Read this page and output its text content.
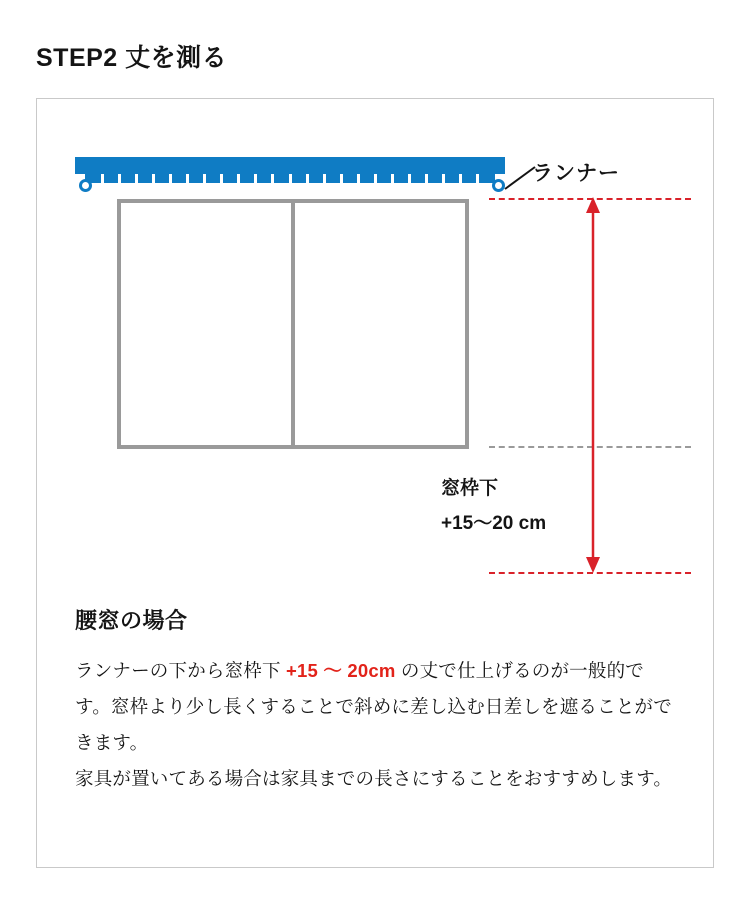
STEP2 丈を測る
ランナー
窓枠下
+15〜20 cm
腰窓の場合

ランナーの下から窓枠下 +15 〜 20cm の丈で仕上げるのが一般的です。窓枠より少し長くすることで斜めに差し込む日差しを遮ることができます。

家具が置いてある場合は家具までの長さにすることをおすすめします。
